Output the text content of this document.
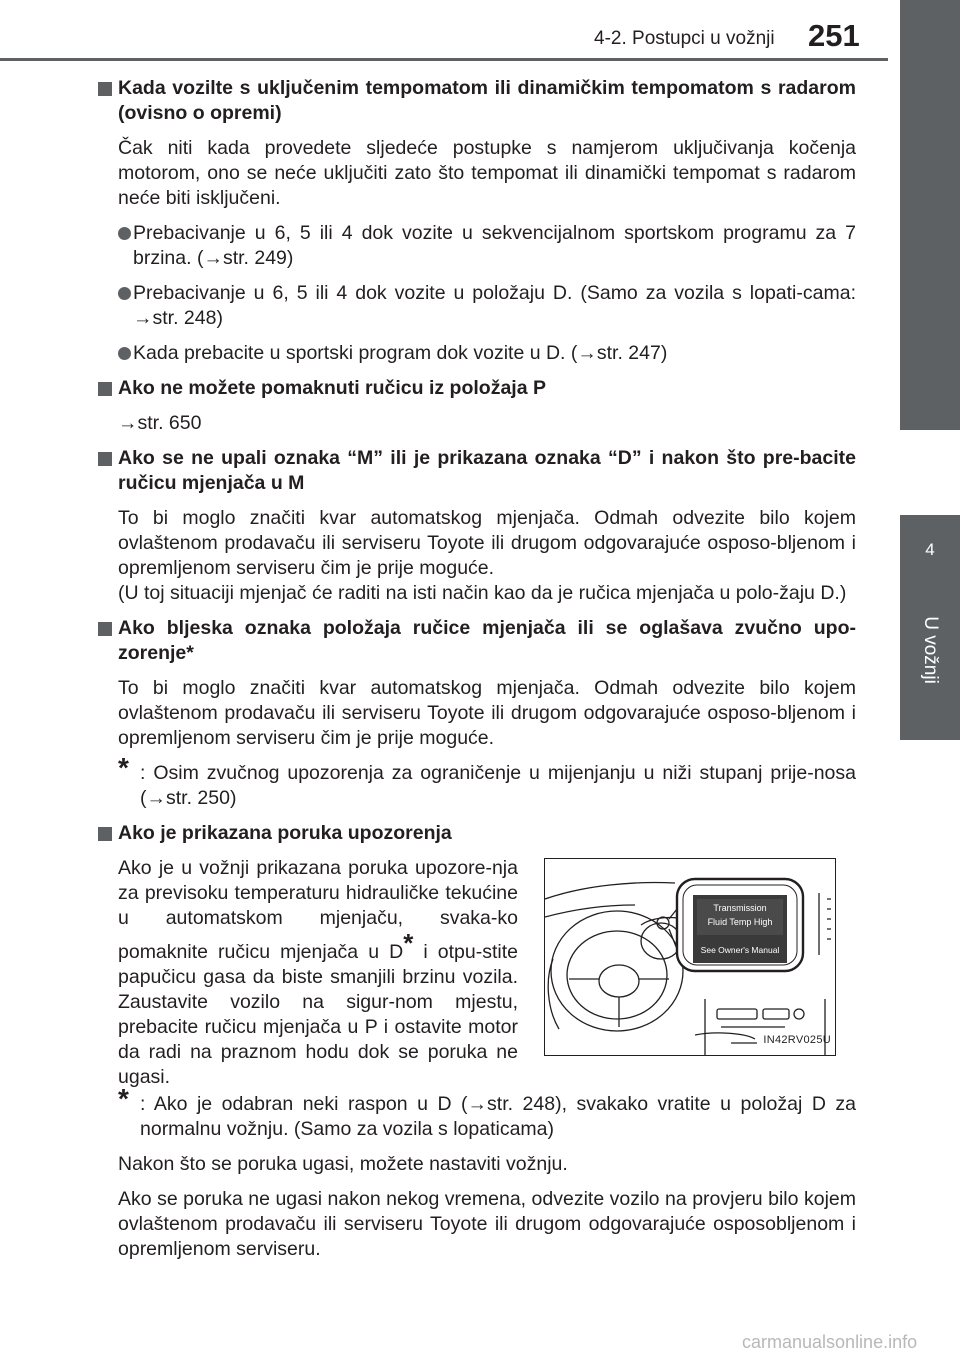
4-2. Postupci u vožnji 251
4
U vožnji
Kada vozilte s uključenim tempomatom ili dinamičkim tempomatom s radarom (ovisno o opremi)
Čak niti kada provedete sljedeće postupke s namjerom uključivanja kočenja motorom, ono se neće uključiti zato što tempomat ili dinamički tempomat s radarom neće biti isključeni.
Prebacivanje u 6, 5 ili 4 dok vozite u sekvencijalnom sportskom programu za 7 brzina. (→str. 249)
Prebacivanje u 6, 5 ili 4 dok vozite u položaju D. (Samo za vozila s lopati-cama: →str. 248)
Kada prebacite u sportski program dok vozite u D. (→str. 247)
Ako ne možete pomaknuti ručicu iz položaja P
→str. 650
Ako se ne upali oznaka “M” ili je prikazana oznaka “D” i nakon što pre-bacite ručicu mjenjača u M
To bi moglo značiti kvar automatskog mjenjača. Odmah odvezite bilo kojem ovlaštenom prodavaču ili serviseru Toyote ili drugom odgovarajuće osposo-bljenom i opremljenom serviseru čim je prije moguće.
(U toj situaciji mjenjač će raditi na isti način kao da je ručica mjenjača u polo-žaju D.)
Ako bljeska oznaka položaja ručice mjenjača ili se oglašava zvučno upo-zorenje*
To bi moglo značiti kvar automatskog mjenjača. Odmah odvezite bilo kojem ovlaštenom prodavaču ili serviseru Toyote ili drugom odgovarajuće osposo-bljenom i opremljenom serviseru čim je prije moguće.
* : Osim zvučnog upozorenja za ograničenje u mijenjanju u niži stupanj prije-nosa (→str. 250)
Ako je prikazana poruka upozorenja
Ako je u vožnji prikazana poruka upozore-nja za previsoku temperaturu hidrauličke tekućine u automatskom mjenjaču, svaka-ko pomaknite ručicu mjenjača u D* i otpu-stite papučicu gasa da biste smanjili brzinu vozila. Zaustavite vozilo na sigur-nom mjestu, prebacite ručicu mjenjača u P i ostavite motor da radi na praznom hodu dok se poruka ne ugasi.
Transmission
Fluid Temp High
See Owner's Manual
IN42RV025U
* : Ako je odabran neki raspon u D (→str. 248), svakako vratite u položaj D za normalnu vožnju. (Samo za vozila s lopaticama)
Nakon što se poruka ugasi, možete nastaviti vožnju.
Ako se poruka ne ugasi nakon nekog vremena, odvezite vozilo na provjeru bilo kojem ovlaštenom prodavaču ili serviseru Toyote ili drugom odgovarajuće osposobljenom i opremljenom serviseru.
carmanualsonline.info
